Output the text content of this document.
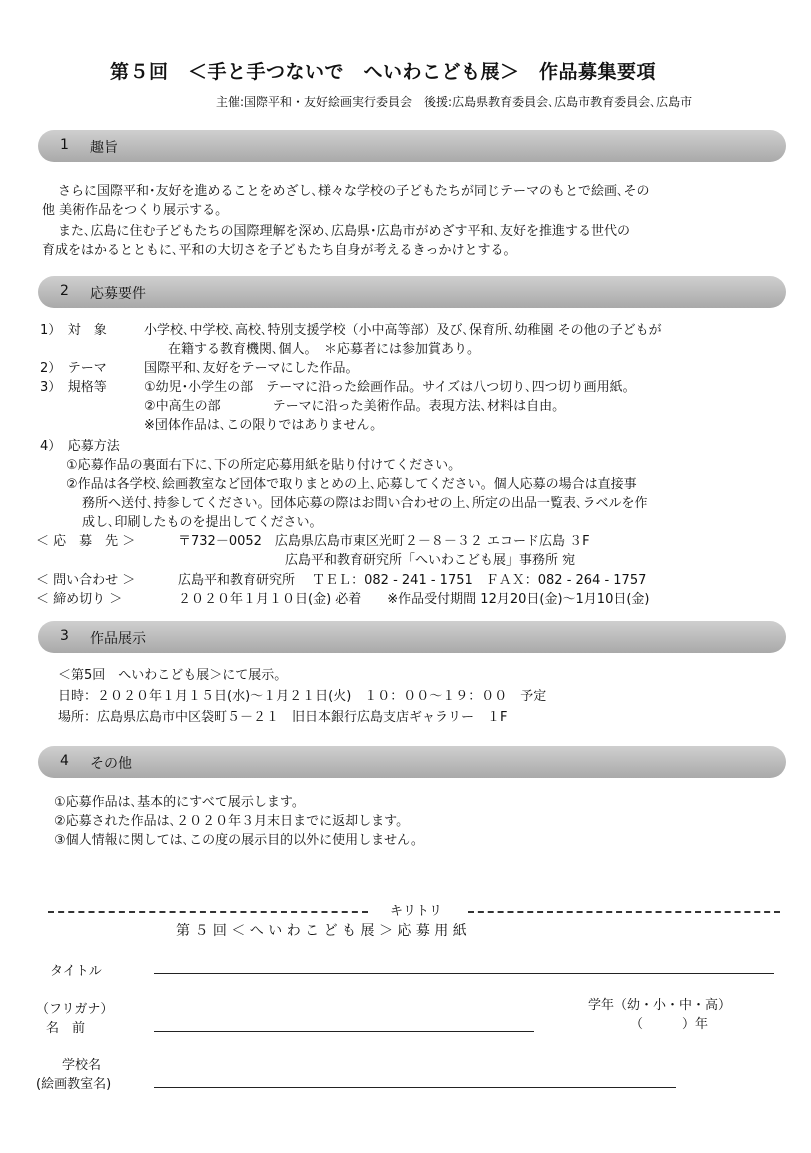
第５回　＜手と手つないで　へいわこども展＞　作品募集要項
主催:国際平和・友好絵画実行委員会　後援:広島県教育委員会､広島市教育委員会､広島市
1 趣旨
さらに国際平和･友好を進めることをめざし､様々な学校の子どもたちが同じテーマのもとで絵画､その
他 美術作品をつくり展示する。
また､広島に住む子どもたちの国際理解を深め､広島県･広島市がめざす平和､友好を推進する世代の
育成をはかるとともに､平和の大切さを子どもたち自身が考えるきっかけとする。
2 応募要件
1）　対　象	小学校､中学校､高校､特別支援学校（小中高等部）及び､保育所､幼稚園 その他の子どもが
在籍する教育機関､個人。　＊応募者には参加賞あり。
2）　テーマ	国際平和､友好をテーマにした作品。
3）　規格等	①幼児･小学生の部　テーマに沿った絵画作品。サイズは八つ切り､四つ切り画用紙。
②中高生の部　　　　テーマに沿った美術作品。表現方法､材料は自由。
※団体作品は､この限りではありません。
4）　応募方法
①応募作品の裏面右下に､下の所定応募用紙を貼り付けてください。
②作品は各学校､絵画教室など団体で取りまとめの上､応募してください。個人応募の場合は直接事
務所へ送付､持参してください。団体応募の際はお問い合わせの上､所定の出品一覧表､ラベルを作
成し､印刷したものを提出してください。
＜ 応　募　先 ＞	〒732－0052　広島県広島市東区光町２－８－３２ エコード広島 ３F
広島平和教育研究所「へいわこども展」事務所 宛
＜ 問い合わせ ＞	広島平和教育研究所　 ＴＥＬ：082 - 241 - 1751　ＦＡＸ：082 - 264 - 1757
＜ 締め切り ＞	２０２０年１月１０日(金) 必着　　※作品受付期間 12月20日(金)～1月10日(金)
3 作品展示
＜第5回　へいわこども展＞にて展示。
日時：２０２０年１月１５日(水)～１月２１日(火)　１０：００～１９：００　予定
場所：広島県広島市中区袋町５－２１　旧日本銀行広島支店ギャラリー　１F
4 その他
①応募作品は､基本的にすべて展示します。
②応募された作品は､２０２０年３月末日までに返却します。
③個人情報に関しては､この度の展示目的以外に使用しません。
キリトリ
第 ５ 回 ＜ へ い わ こ ど も 展 ＞ 応 募 用 紙
タイトル
（フリガナ）
名　前
学年（幼・小・中・高）
（　　　）年
学校名
(絵画教室名)
